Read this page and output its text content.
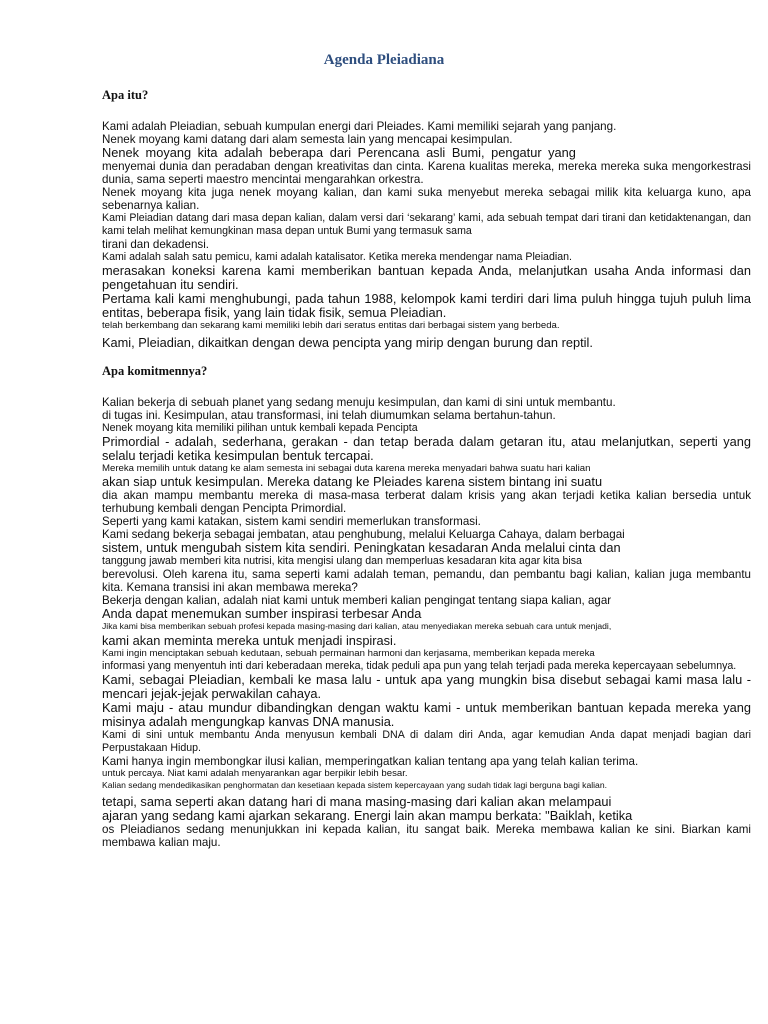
Agenda Pleiadiana
Apa itu?

Kami adalah Pleiadian, sebuah kumpulan energi dari Pleiades. Kami memiliki sejarah yang panjang.

Nenek moyang kami datang dari alam semesta lain yang mencapai kesimpulan.

Nenek moyang kita adalah beberapa dari Perencana asli Bumi, pengatur yang

menyemai dunia dan peradaban dengan kreativitas dan cinta. Karena kualitas mereka, mereka mereka suka mengorkestrasi dunia, sama seperti maestro mencintai mengarahkan orkestra.

Nenek moyang kita juga nenek moyang kalian, dan kami suka menyebut mereka sebagai milik kita keluarga kuno, apa sebenarnya kalian.

Kami Pleiadian datang dari masa depan kalian, dalam versi dari ‘sekarang’ kami, ada sebuah tempat dari tirani dan ketidaktenangan, dan kami telah melihat kemungkinan masa depan untuk Bumi yang termasuk sama

tirani dan dekadensi.

Kami adalah salah satu pemicu, kami adalah katalisator. Ketika mereka mendengar nama Pleiadian.

merasakan koneksi karena kami memberikan bantuan kepada Anda, melanjutkan usaha Anda informasi dan pengetahuan itu sendiri.

Pertama kali kami menghubungi, pada tahun 1988, kelompok kami terdiri dari lima puluh hingga tujuh puluh lima entitas, beberapa fisik, yang lain tidak fisik, semua Pleiadian.

telah berkembang dan sekarang kami memiliki lebih dari seratus entitas dari berbagai sistem yang berbeda.

Kami, Pleiadian, dikaitkan dengan dewa pencipta yang mirip dengan burung dan reptil.

Apa komitmennya?

Kalian bekerja di sebuah planet yang sedang menuju kesimpulan, dan kami di sini untuk membantu.

di tugas ini. Kesimpulan, atau transformasi, ini telah diumumkan selama bertahun-tahun.

Nenek moyang kita memiliki pilihan untuk kembali kepada Pencipta

Primordial - adalah, sederhana, gerakan - dan tetap berada dalam getaran itu, atau melanjutkan, seperti yang selalu terjadi ketika kesimpulan bentuk tercapai.

Mereka memilih untuk datang ke alam semesta ini sebagai duta karena mereka menyadari bahwa suatu hari kalian

akan siap untuk kesimpulan. Mereka datang ke Pleiades karena sistem bintang ini suatu

dia akan mampu membantu mereka di masa-masa terberat dalam krisis yang akan terjadi ketika kalian bersedia untuk terhubung kembali dengan Pencipta Primordial.

Seperti yang kami katakan, sistem kami sendiri memerlukan transformasi.

Kami sedang bekerja sebagai jembatan, atau penghubung, melalui Keluarga Cahaya, dalam berbagai

sistem, untuk mengubah sistem kita sendiri. Peningkatan kesadaran Anda melalui cinta dan

tanggung jawab memberi kita nutrisi, kita mengisi ulang dan memperluas kesadaran kita agar kita bisa

berevolusi. Oleh karena itu, sama seperti kami adalah teman, pemandu, dan pembantu bagi kalian, kalian juga membantu kita. Kemana transisi ini akan membawa mereka?

Bekerja dengan kalian, adalah niat kami untuk memberi kalian pengingat tentang siapa kalian, agar

Anda dapat menemukan sumber inspirasi terbesar Anda

Jika kami bisa memberikan sebuah profesi kepada masing-masing dari kalian, atau menyediakan mereka sebuah cara untuk menjadi,

kami akan meminta mereka untuk menjadi inspirasi.

Kami ingin menciptakan sebuah kedutaan, sebuah permainan harmoni dan kerjasama, memberikan kepada mereka

informasi yang menyentuh inti dari keberadaan mereka, tidak peduli apa pun yang telah terjadi pada mereka kepercayaan sebelumnya.

Kami, sebagai Pleiadian, kembali ke masa lalu - untuk apa yang mungkin bisa disebut sebagai kami masa lalu - mencari jejak-jejak perwakilan cahaya.

Kami maju - atau mundur dibandingkan dengan waktu kami - untuk memberikan bantuan kepada mereka yang misinya adalah mengungkap kanvas DNA manusia.

Kami di sini untuk membantu Anda menyusun kembali DNA di dalam diri Anda, agar kemudian Anda dapat menjadi bagian dari Perpustakaan Hidup.

Kami hanya ingin membongkar ilusi kalian, memperingatkan kalian tentang apa yang telah kalian terima.

untuk percaya. Niat kami adalah menyarankan agar berpikir lebih besar.

Kalian sedang mendedikasikan penghormatan dan kesetiaan kepada sistem kepercayaan yang sudah tidak lagi berguna bagi kalian.

tetapi, sama seperti akan datang hari di mana masing-masing dari kalian akan melampaui

ajaran yang sedang kami ajarkan sekarang. Energi lain akan mampu berkata: "Baiklah, ketika

os Pleiadianos sedang menunjukkan ini kepada kalian, itu sangat baik. Mereka membawa kalian ke sini. Biarkan kami membawa kalian maju.
